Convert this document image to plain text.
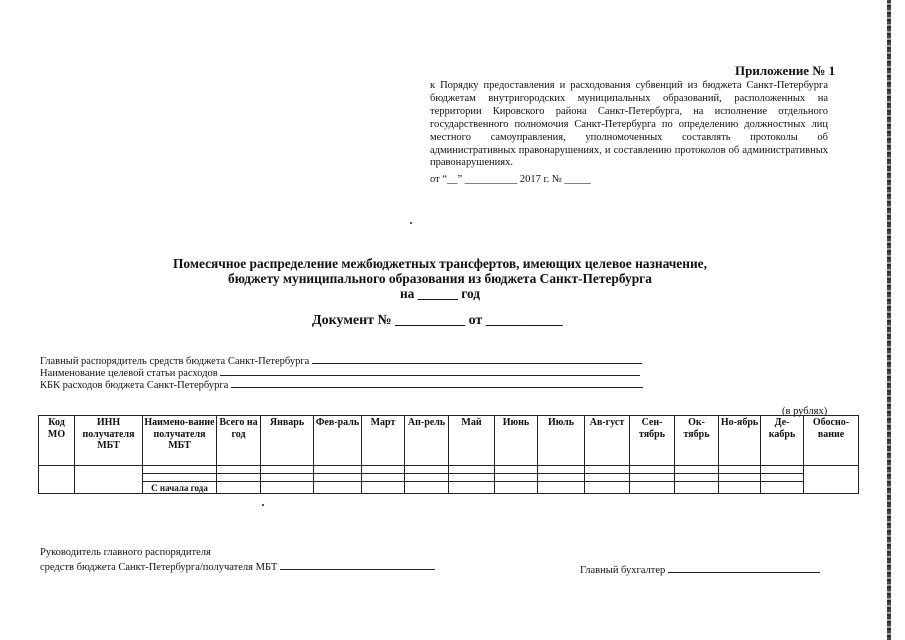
Приложение № 1
к Порядку предоставления и расходования субвенций из бюджета Санкт-Петербурга бюджетам внутригородских муниципальных образований, расположенных на территории Кировского района Санкт-Петербурга, на исполнение отдельного государственного полномочия Санкт-Петербурга по определению должностных лиц местного самоуправления, уполномоченных составлять протоколы об административных правонарушениях, и составлению протоколов об административных правонарушениях.
от “__” __________ 2017 г. № _____
Помесячное распределение межбюджетных трансфертов, имеющих целевое назначение,
бюджету муниципального образования из бюджета Санкт-Петербурга
на ______ год
Документ № __________ от ___________
Главный распорядитель средств бюджета Санкт-Петербурга
Наименование целевой статьи расходов
КБК расходов бюджета Санкт-Петербурга
(в рублях)
Код МО	ИНН получателя МБТ	Наимено-вание получателя МБТ	Всего на год	Январь	Фев-раль	Март	Ап-рель	Май	Июнь	Июль	Ав-густ	Сен-тябрь	Ок-тябрь	Но-ябрь	Де-кабрь	Обосно-вание

		С начала года														
Руководитель главного распорядителя
средств бюджета Санкт-Петербурга/получателя МБТ	Главный бухгалтер
